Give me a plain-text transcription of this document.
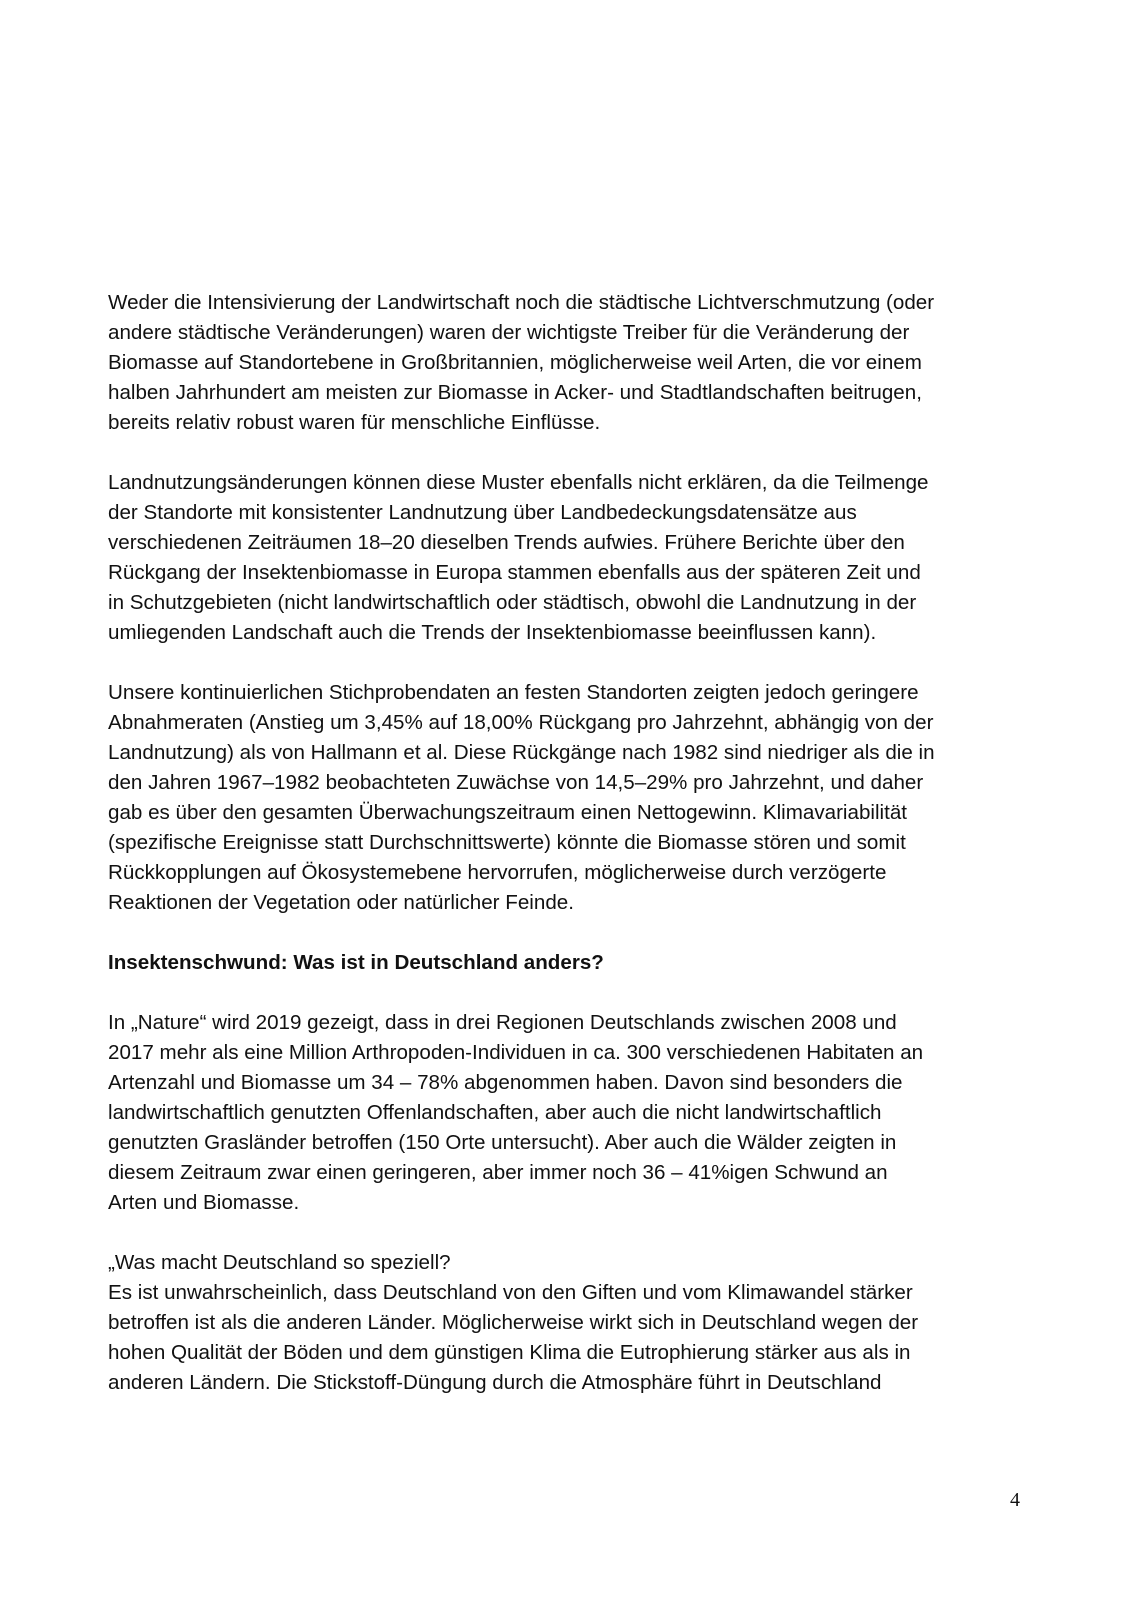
Weder die Intensivierung der Landwirtschaft noch die städtische Lichtverschmutzung (oder
andere städtische Veränderungen) waren der wichtigste Treiber für die Veränderung der
Biomasse auf Standortebene in Großbritannien, möglicherweise weil Arten, die vor einem
halben Jahrhundert am meisten zur Biomasse in Acker- und Stadtlandschaften beitrugen,
bereits relativ robust waren für menschliche Einflüsse.

Landnutzungsänderungen können diese Muster ebenfalls nicht erklären, da die Teilmenge
der Standorte mit konsistenter Landnutzung über Landbedeckungsdatensätze aus
verschiedenen Zeiträumen 18–20 dieselben Trends aufwies. Frühere Berichte über den
Rückgang der Insektenbiomasse in Europa stammen ebenfalls aus der späteren Zeit und
in Schutzgebieten (nicht landwirtschaftlich oder städtisch, obwohl die Landnutzung in der
umliegenden Landschaft auch die Trends der Insektenbiomasse beeinflussen kann).

Unsere kontinuierlichen Stichprobendaten an festen Standorten zeigten jedoch geringere
Abnahmeraten (Anstieg um 3,45% auf 18,00% Rückgang pro Jahrzehnt, abhängig von der
Landnutzung) als von Hallmann et al. Diese Rückgänge nach 1982 sind niedriger als die in
den Jahren 1967–1982 beobachteten Zuwächse von 14,5–29% pro Jahrzehnt, und daher
gab es über den gesamten Überwachungszeitraum einen Nettogewinn. Klimavariabilität
(spezifische Ereignisse statt Durchschnittswerte) könnte die Biomasse stören und somit
Rückkopplungen auf Ökosystemebene hervorrufen, möglicherweise durch verzögerte
Reaktionen der Vegetation oder natürlicher Feinde.

Insektenschwund: Was ist in Deutschland anders?

In „Nature“ wird 2019 gezeigt, dass in drei Regionen Deutschlands zwischen 2008 und
2017 mehr als eine Million Arthropoden-Individuen in ca. 300 verschiedenen Habitaten an
Artenzahl und Biomasse um 34 – 78% abgenommen haben. Davon sind besonders die
landwirtschaftlich genutzten Offenlandschaften, aber auch die nicht landwirtschaftlich
genutzten Grasländer betroffen (150 Orte untersucht). Aber auch die Wälder zeigten in
diesem Zeitraum zwar einen geringeren, aber immer noch 36 – 41%igen Schwund an
Arten und Biomasse.

„Was macht Deutschland so speziell?
Es ist unwahrscheinlich, dass Deutschland von den Giften und vom Klimawandel stärker
betroffen ist als die anderen Länder. Möglicherweise wirkt sich in Deutschland wegen der
hohen Qualität der Böden und dem günstigen Klima die Eutrophierung stärker aus als in
anderen Ländern. Die Stickstoff-Düngung durch die Atmosphäre führt in Deutschland

4
